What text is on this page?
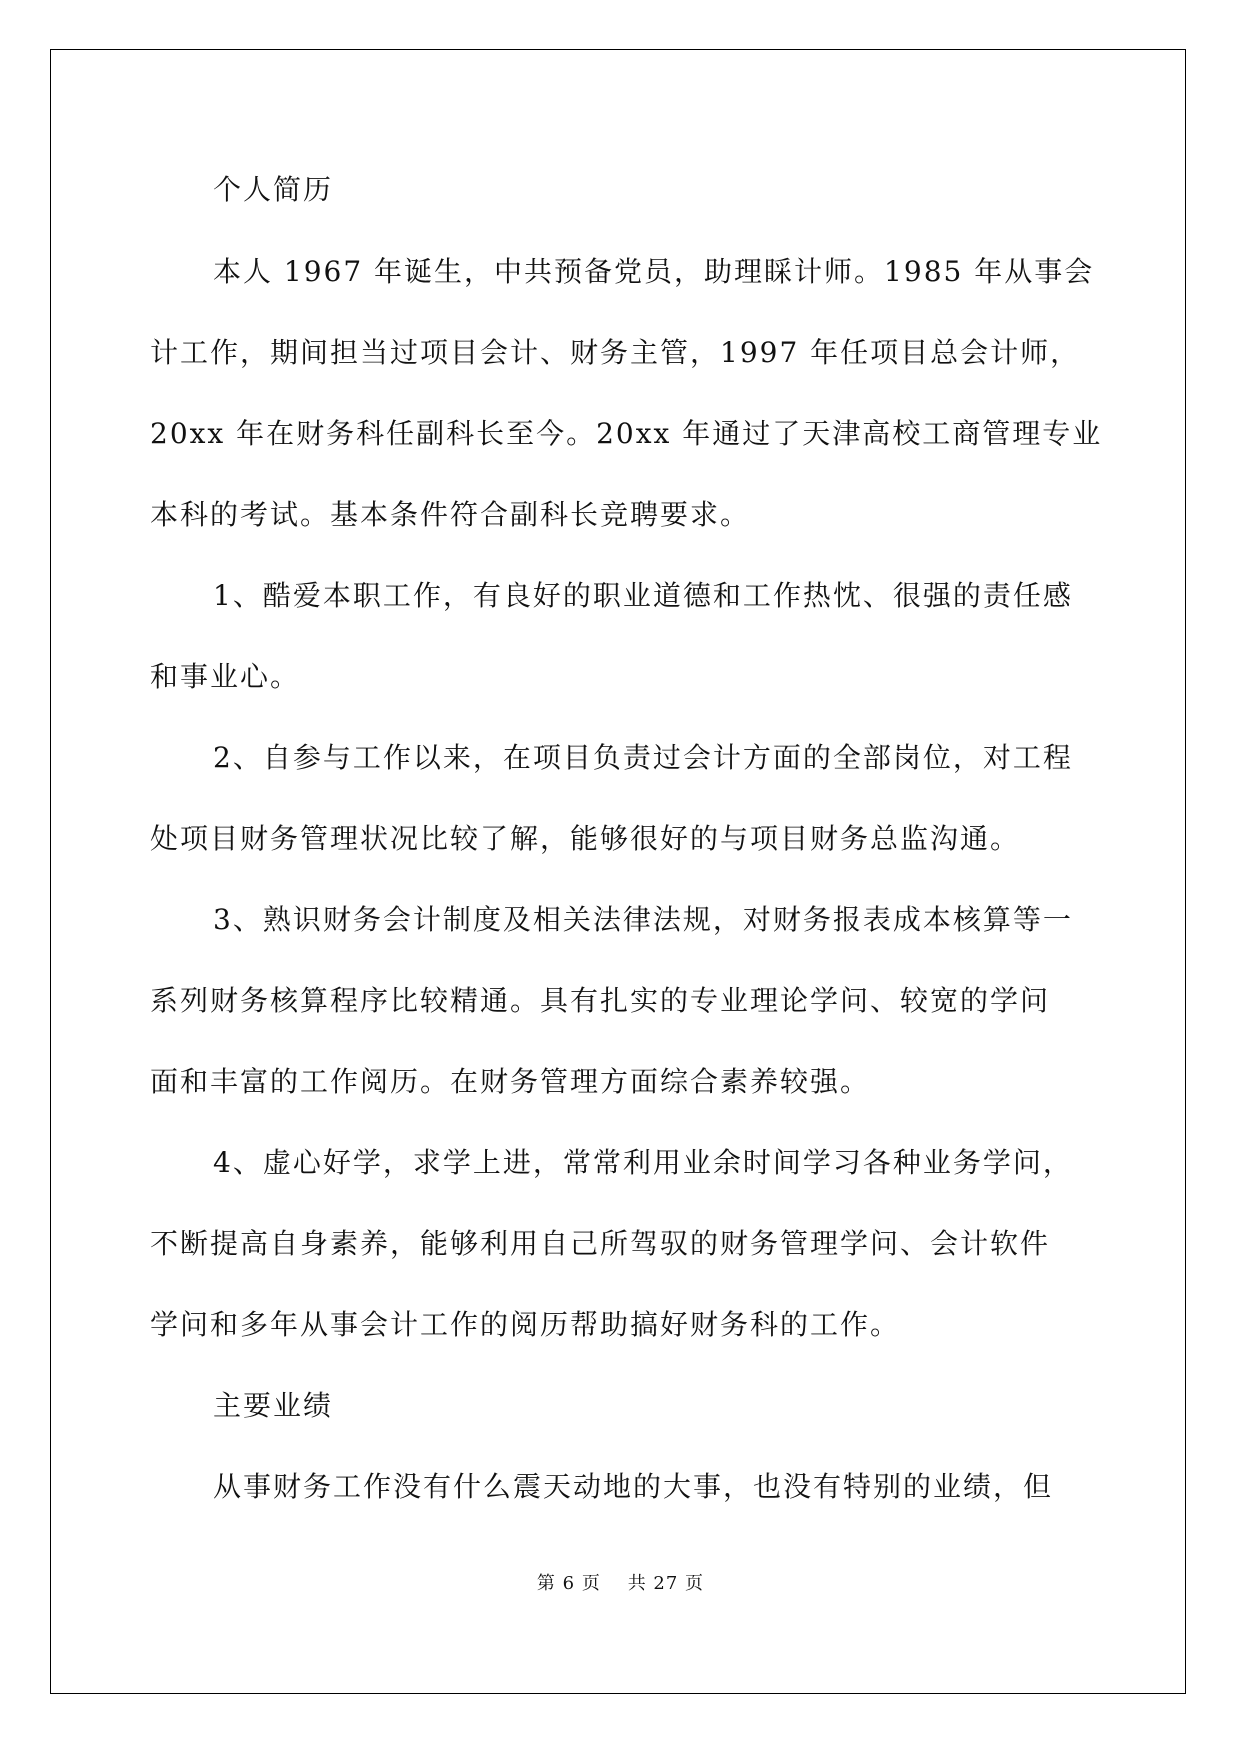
个人简历
本人 1967 年诞生，中共预备党员，助理睬计师。1985 年从事会
计工作，期间担当过项目会计、财务主管，1997 年任项目总会计师，
20xx 年在财务科任副科长至今。20xx 年通过了天津高校工商管理专业
本科的考试。基本条件符合副科长竞聘要求。
1、酷爱本职工作，有良好的职业道德和工作热忱、很强的责任感
和事业心。
2、自参与工作以来，在项目负责过会计方面的全部岗位，对工程
处项目财务管理状况比较了解，能够很好的与项目财务总监沟通。
3、熟识财务会计制度及相关法律法规，对财务报表成本核算等一
系列财务核算程序比较精通。具有扎实的专业理论学问、较宽的学问
面和丰富的工作阅历。在财务管理方面综合素养较强。
4、虚心好学，求学上进，常常利用业余时间学习各种业务学问，
不断提高自身素养，能够利用自己所驾驭的财务管理学问、会计软件
学问和多年从事会计工作的阅历帮助搞好财务科的工作。
主要业绩
从事财务工作没有什么震天动地的大事，也没有特别的业绩，但
第 6 页    共 27 页
